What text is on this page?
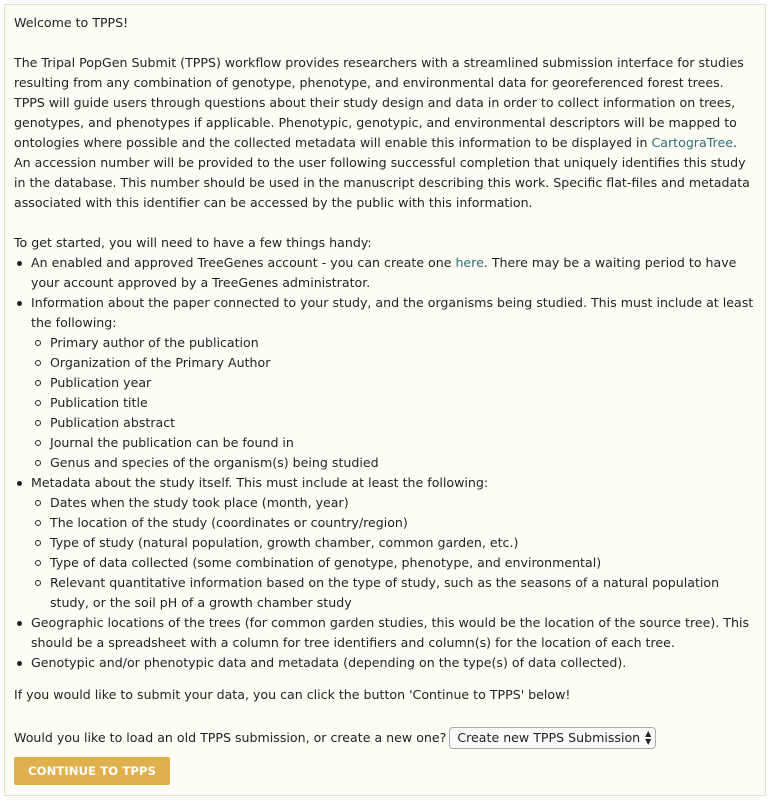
Welcome to TPPS!

The Tripal PopGen Submit (TPPS) workflow provides researchers with a streamlined submission interface for studies resulting from any combination of genotype, phenotype, and environmental data for georeferenced forest trees. TPPS will guide users through questions about their study design and data in order to collect information on trees, genotypes, and phenotypes if applicable. Phenotypic, genotypic, and environmental descriptors will be mapped to ontologies where possible and the collected metadata will enable this information to be displayed in CartograTree. An accession number will be provided to the user following successful completion that uniquely identifies this study in the database. This number should be used in the manuscript describing this work. Specific flat-files and metadata associated with this identifier can be accessed by the public with this information.

To get started, you will need to have a few things handy:

An enabled and approved TreeGenes account - you can create one here. There may be a waiting period to have your account approved by a TreeGenes administrator.
Information about the paper connected to your study, and the organisms being studied. This must include at least the following:
Primary author of the publication
Organization of the Primary Author
Publication year
Publication title
Publication abstract
Journal the publication can be found in
Genus and species of the organism(s) being studied
Metadata about the study itself. This must include at least the following:
Dates when the study took place (month, year)
The location of the study (coordinates or country/region)
Type of study (natural population, growth chamber, common garden, etc.)
Type of data collected (some combination of genotype, phenotype, and environmental)
Relevant quantitative information based on the type of study, such as the seasons of a natural population study, or the soil pH of a growth chamber study
Geographic locations of the trees (for common garden studies, this would be the location of the source tree). This should be a spreadsheet with a column for tree identifiers and column(s) for the location of each tree.
Genotypic and/or phenotypic data and metadata (depending on the type(s) of data collected).

If you would like to submit your data, you can click the button 'Continue to TPPS' below!

Would you like to load an old TPPS submission, or create a new one? Create new TPPS Submission ▲
▼
CONTINUE TO TPPS
